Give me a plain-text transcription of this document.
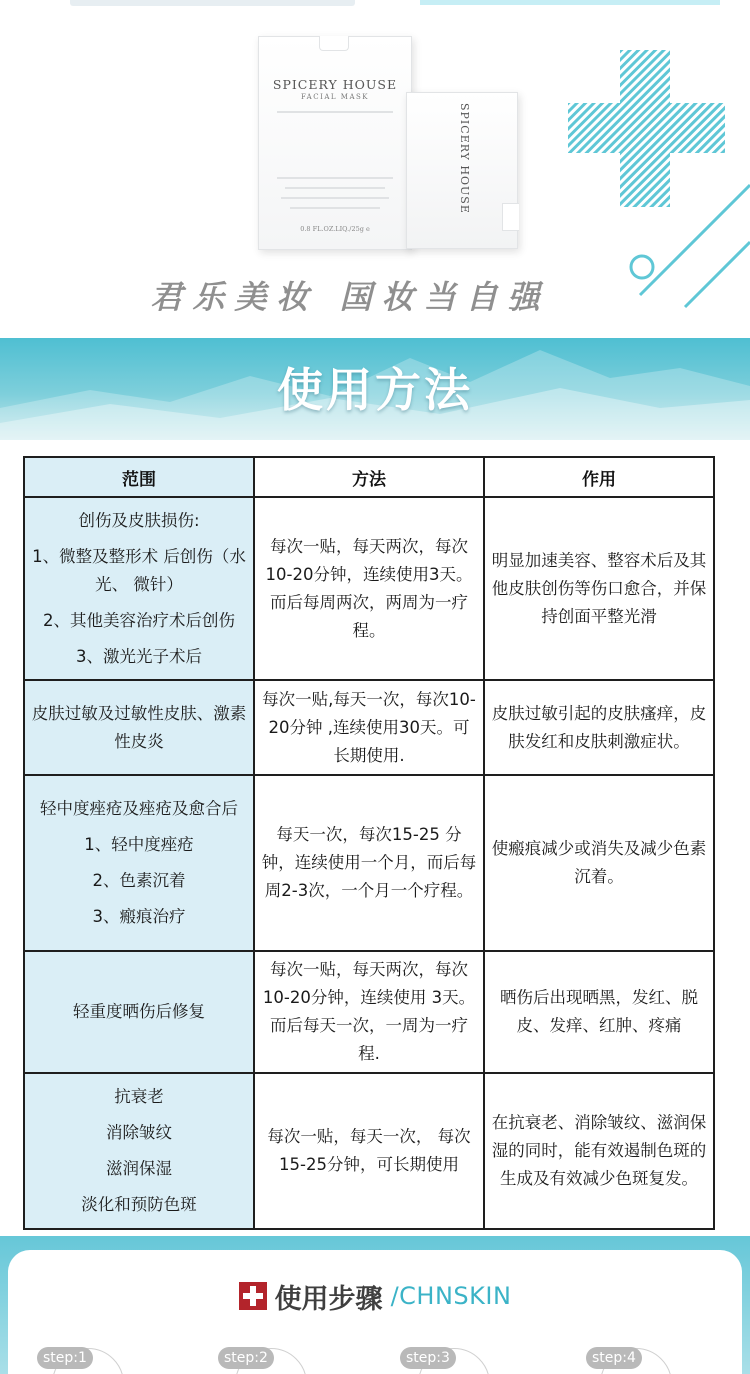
SPICERY HOUSE
FACIAL MASK
0.8 FL.OZ.LIQ./25g e
SPICERY HOUSE
君乐美妆 国妆当自强
使用方法
范围	方法	作用

创伤及皮肤损伤:
1、微整及整形术 后创伤（水光、 微针）
2、其他美容治疗术后创伤
3、激光光子术后	每次一贴，每天两次，每次10-20分钟，连续使用3天。而后每周两次，两周为一疗程。	明显加速美容、整容术后及其他皮肤创伤等伤口愈合，并保持创面平整光滑

皮肤过敏及过敏性皮肤、激素性皮炎	每次一贴,每天一次，每次10-20分钟 ,连续使用30天。可长期使用.	皮肤过敏引起的皮肤瘙痒，皮肤发红和皮肤刺激症状。

轻中度痤疮及痤疮及愈合后
1、轻中度痤疮
2、色素沉着
3、瘢痕治疗	每天一次，每次15-25 分钟，连续使用一个月，而后每周2-3次，一个月一个疗程。	使瘢痕减少或消失及减少色素沉着。

轻重度晒伤后修复	每次一贴，每天两次，每次10-20分钟，连续使用 3天。而后每天一次，一周为一疗程.	晒伤后出现晒黑，发红、脱皮、发痒、红肿、疼痛

抗衰老
消除皱纹
滋润保湿
淡化和预防色斑	每次一贴，每天一次， 每次15-25分钟，可长期使用	在抗衰老、消除皱纹、滋润保湿的同时，能有效遏制色斑的生成及有效减少色斑复发。
使用步骤 /CHNSKIN
step:1	step:2	step:3	step:4
